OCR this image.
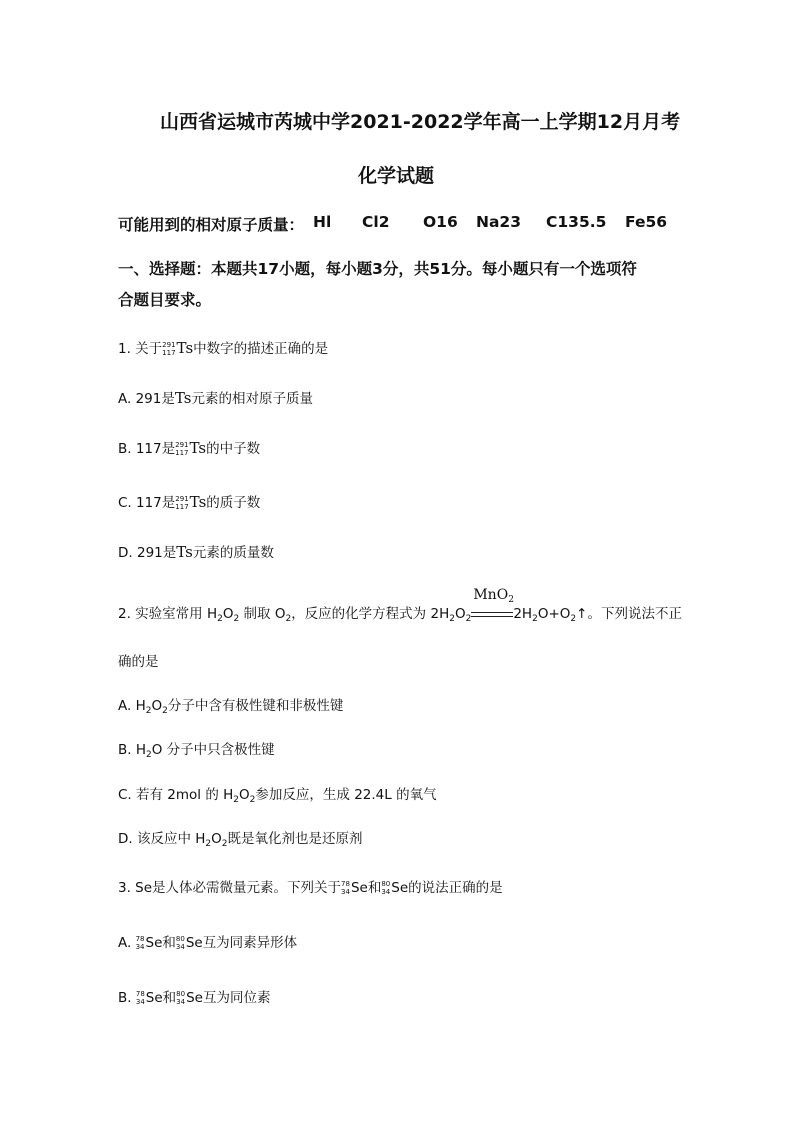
山西省运城市芮城中学2021-2022学年高一上学期12月月考
化学试题
可能用到的相对原子质量： Hl Cl2 O16 Na23 C135.5 Fe56
一、选择题：本题共17小题，每小题3分，共51分。每小题只有一个选项符
合题目要求。
1. 关于 291
117 Ts中数字的描述正确的是
A. 291是Ts元素的相对原子质量
B. 117是 291
117 Ts的中子数
C. 117是 291
117 Ts的质子数
D. 291是Ts元素的质量数
2. 实验室常用 $H_2O_2$ 制取 $O_2$，反应的化学方程式为 $2H_2O_2$
MnO$_2$
$2H_2O+O_2↑$。下列说法不正
确的是
A. $H_2O_2$分子中含有极性键和非极性键
B. $H_2O$ 分子中只含极性键
C. 若有 2mol 的 $H_2O_2$参加反应，生成 22.4L 的氧气
D. 该反应中 $H_2O_2$既是氧化剂也是还原剂
3. Se是人体必需微量元素。下列关于 78
34 Se和 80
34 Se的说法正确的是
A. 78
34 Se和 80
34 Se互为同素异形体
B. 78
34 Se和 80
34 Se互为同位素
